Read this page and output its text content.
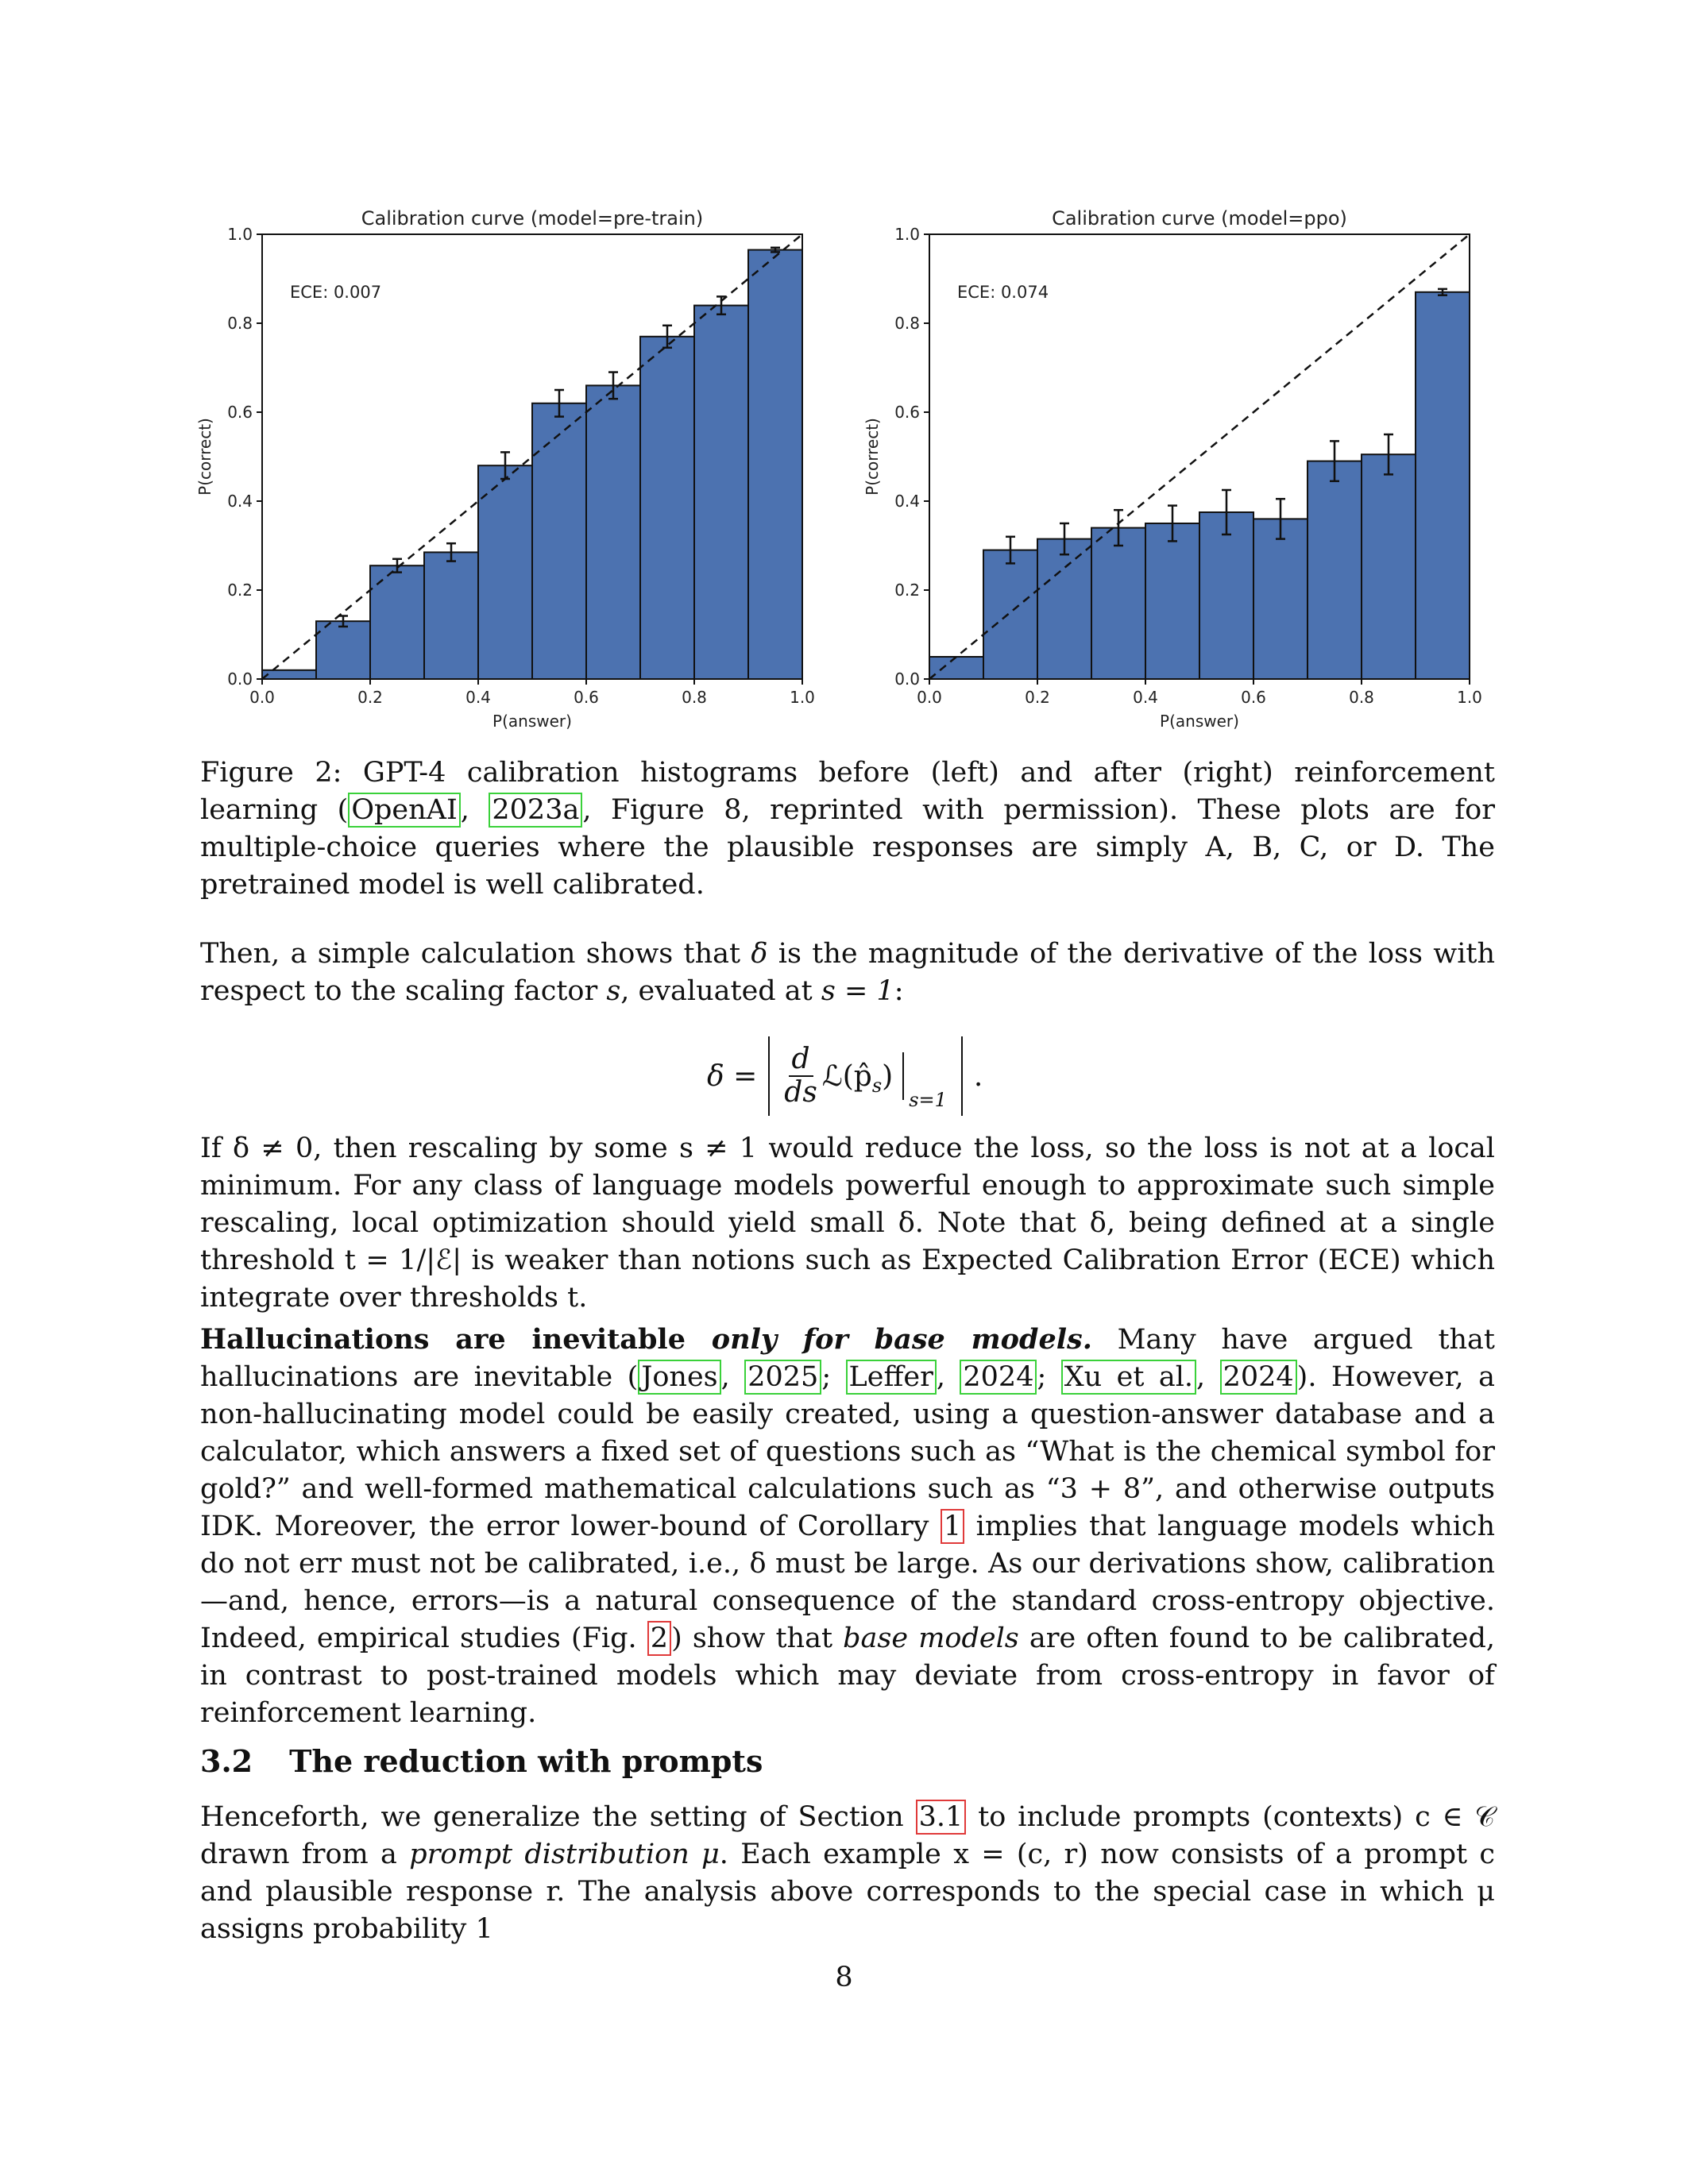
Calibration curve (model=pre-train)
0.0	0.2	0.4	0.6	0.8	1.0
0.0
0.2
0.4
0.6
0.8
1.0
P(answer)
P(correct)
ECE: 0.007
Calibration curve (model=ppo)
0.0	0.2	0.4	0.6	0.8	1.0
0.0
0.2
0.4
0.6
0.8
1.0
P(answer)
P(correct)
ECE: 0.074

Figure 2: GPT-4 calibration histograms before (left) and after (right) reinforcement learning ( OpenAI , 2023a , Figure 8, reprinted with permission). These plots are for multiple-choice queries where the plausible responses are simply A, B, C, or D. The pretrained model is well calibrated.

Then, a simple calculation shows that δ is the magnitude of the derivative of the loss with respect to the scaling factor s, evaluated at s = 1:

$\delta = \frac{d}{ds}$ $ℒ(p̂_s)$
s=1
.

If δ ≠ 0, then rescaling by some s ≠ 1 would reduce the loss, so the loss is not at a local minimum. For any class of language models powerful enough to approximate such simple rescaling, local optimization should yield small δ. Note that δ, being defined at a single threshold t = 1/|ℰ| is weaker than notions such as Expected Calibration Error (ECE) which integrate over thresholds t.

Hallucinations are inevitable only for base models. Many have argued that hallucinations are inevitable ( Jones , 2025 ; Leffer , 2024 ; Xu et al. , 2024 ). However, a non-hallucinating model could be easily created, using a question-answer database and a calculator, which answers a fixed set of questions such as “What is the chemical symbol for gold?” and well-formed mathematical calculations such as “3 + 8”, and otherwise outputs IDK. Moreover, the error lower-bound of Corollary 1 implies that language models which do not err must not be calibrated, i.e., δ must be large. As our derivations show, calibration—and, hence, errors—is a natural consequence of the standard cross-entropy objective. Indeed, empirical studies (Fig. 2 ) show that base models are often found to be calibrated, in contrast to post-trained models which may deviate from cross-entropy in favor of reinforcement learning.

3.2 The reduction with prompts

Henceforth, we generalize the setting of Section 3.1 to include prompts (contexts) c ∈ 𝒞 drawn from a prompt distribution μ. Each example x = (c, r) now consists of a prompt c and plausible response r. The analysis above corresponds to the special case in which μ assigns probability 1

8
